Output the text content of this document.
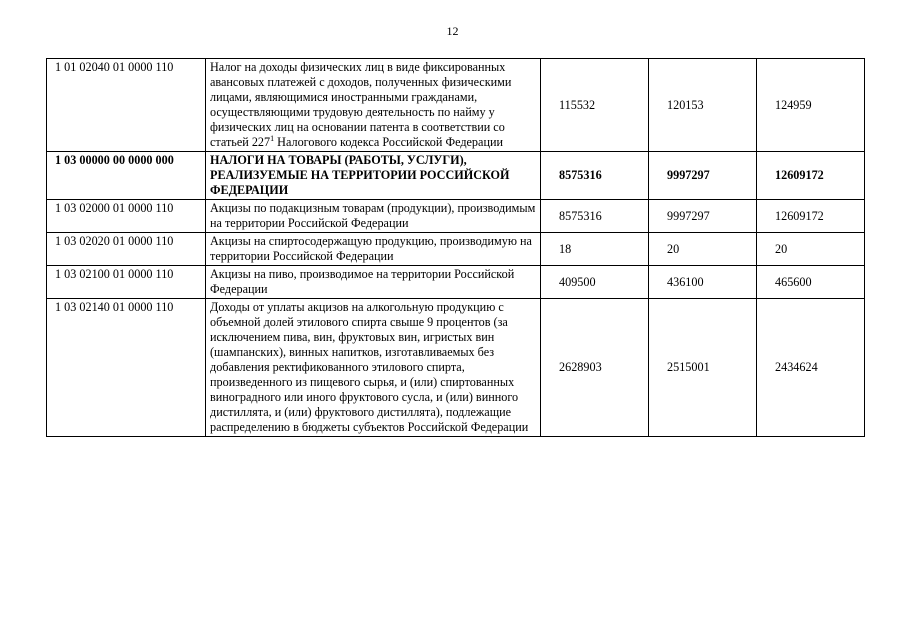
12
1 01 02040 01 0000 110	Налог на доходы физических лиц в виде фиксированных авансовых платежей с доходов, полученных физическими лицами, являющимися иностранными гражданами, осуществляющими трудовую деятельность по найму у физических лиц на основании патента в соответствии со статьей $227^1$ Налогового кодекса Российской Федерации	115532	120153	124959
1 03 00000 00 0000 000	НАЛОГИ НА ТОВАРЫ (РАБОТЫ, УСЛУГИ), РЕАЛИЗУЕМЫЕ НА ТЕРРИТОРИИ РОССИЙСКОЙ ФЕДЕРАЦИИ	8575316	9997297	12609172
1 03 02000 01 0000 110	Акцизы по подакцизным товарам (продукции), производимым на территории Российской Федерации	8575316	9997297	12609172
1 03 02020 01 0000 110	Акцизы на спиртосодержащую продукцию, производимую на территории Российской Федерации	18	20	20
1 03 02100 01 0000 110	Акцизы на пиво, производимое на территории Российской Федерации	409500	436100	465600
1 03 02140 01 0000 110	Доходы от уплаты акцизов на алкогольную продукцию с объемной долей этилового спирта свыше 9 процентов (за исключением пива, вин, фруктовых вин, игристых вин (шампанских), винных напитков, изготавливаемых без добавления ректификованного этилового спирта, произведенного из пищевого сырья, и (или) спиртованных виноградного или иного фруктового сусла, и (или) винного дистиллята, и (или) фруктового дистиллята), подлежащие распределению в бюджеты субъектов Российской Федерации	2628903	2515001	2434624
